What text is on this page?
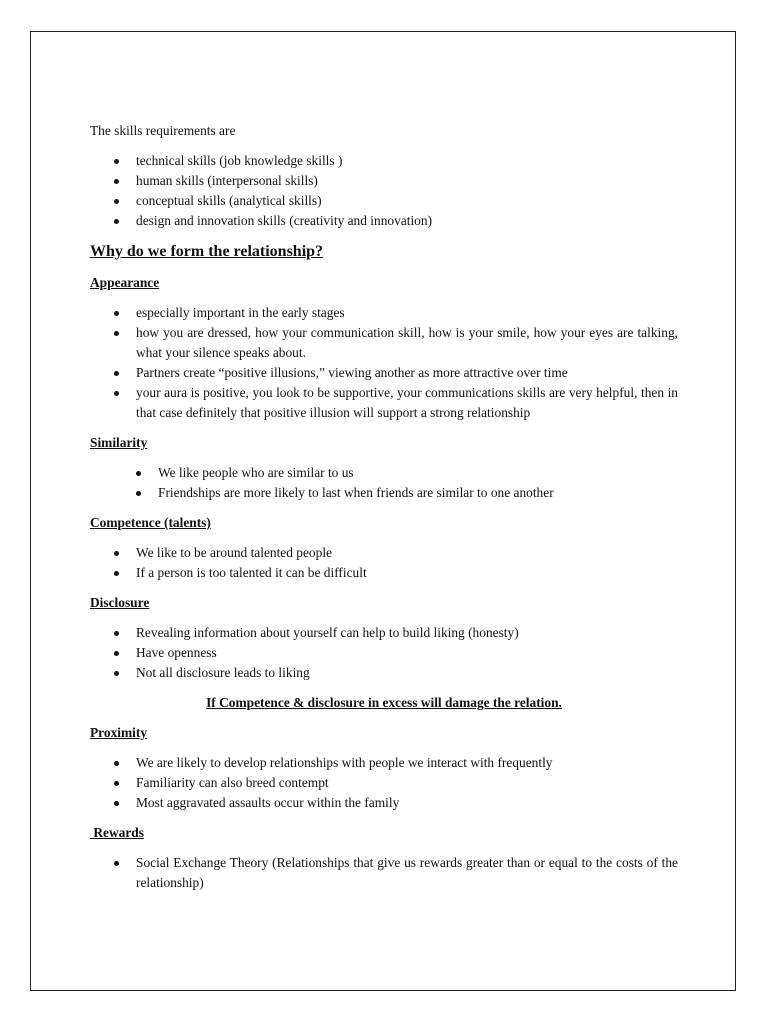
The skills requirements are

technical skills (job knowledge skills )
human skills (interpersonal skills)
conceptual skills (analytical skills)
design and innovation skills (creativity and innovation)

Why do we form the relationship?

Appearance

especially important in the early stages
how you are dressed, how your communication skill, how is your smile, how your eyes are talking, what your silence speaks about.
Partners create “positive illusions,” viewing another as more attractive over time
your aura is positive, you look to be supportive, your communications skills are very helpful, then in that case definitely that positive illusion will support a strong relationship

Similarity

We like people who are similar to us
Friendships are more likely to last when friends are similar to one another

Competence (talents)

We like to be around talented people
If a person is too talented it can be difficult

Disclosure

Revealing information about yourself can help to build liking (honesty)
Have openness
Not all disclosure leads to liking

If Competence & disclosure in excess will damage the relation.

Proximity

We are likely to develop relationships with people we interact with frequently
Familiarity can also breed contempt
Most aggravated assaults occur within the family

Rewards

Social Exchange Theory (Relationships that give us rewards greater than or equal to the costs of the relationship)
